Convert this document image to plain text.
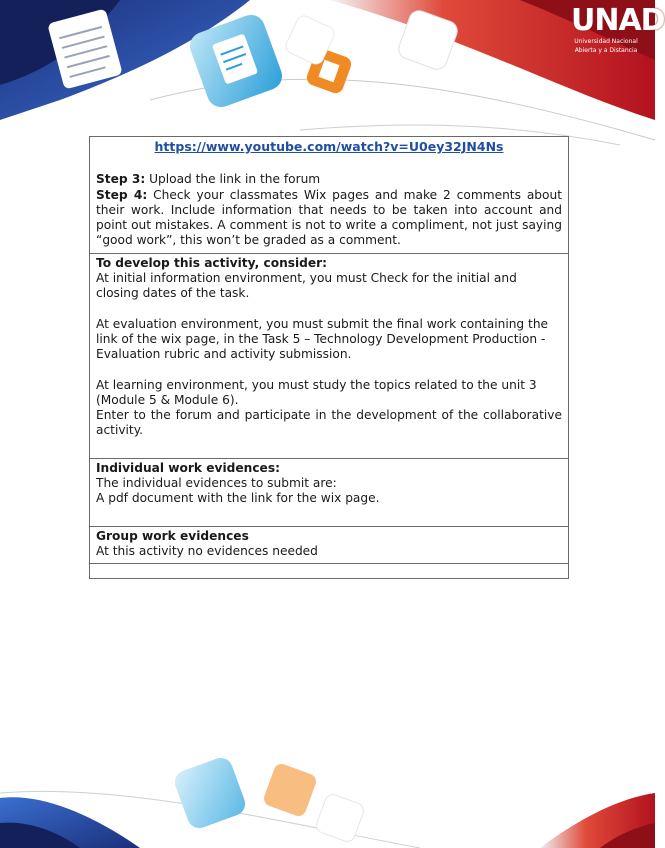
UNAD
Universidad Nacional
Abierta y a Distancia
https://www.youtube.com/watch?v=U0ey32JN4Ns
Step 3: Upload the link in the forum
Step 4: Check your classmates Wix pages and make 2 comments about their work. Include information that needs to be taken into account and point out mistakes. A comment is not to write a compliment, not just saying “good work”, this won’t be graded as a comment.
To develop this activity, consider:
At initial information environment, you must Check for the initial and closing dates of the task.
At evaluation environment, you must submit the final work containing the link of the wix page, in the Task 5 – Technology Development Production - Evaluation rubric and activity submission.
At learning environment, you must study the topics related to the unit 3 (Module 5 & Module 6).
Enter to the forum and participate in the development of the collaborative activity.
Individual work evidences:
The individual evidences to submit are:
A pdf document with the link for the wix page.
Group work evidences
At this activity no evidences needed
